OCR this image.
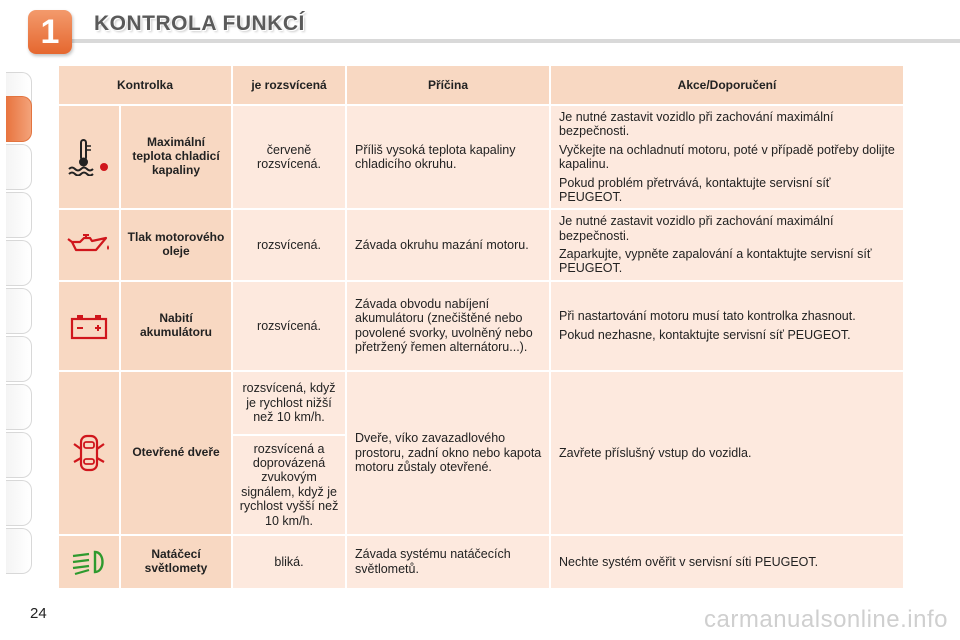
1	KONTROLA FUNKCÍ
Kontrolka		je rozsvícená	Příčina	Akce/Doporučení

	Maximální teplota chladicí kapaliny	červeně rozsvícená.	Příliš vysoká teplota kapaliny chladicího okruhu.	Je nutné zastavit vozidlo při zachování maximální bezpečnosti.

Vyčkejte na ochladnutí motoru, poté v případě potřeby dolijte kapalinu.

Pokud problém přetrvává, kontaktujte servisní síť PEUGEOT.

	Tlak motorového oleje	rozsvícená.	Závada okruhu mazání motoru.	Je nutné zastavit vozidlo při zachování maximální bezpečnosti.

Zaparkujte, vypněte zapalování a kontaktujte servisní síť PEUGEOT.

	Nabití akumulátoru	rozsvícená.	Závada obvodu nabíjení akumulátoru (znečištěné nebo povolené svorky, uvolněný nebo přetržený řemen alternátoru...).	Při nastartování motoru musí tato kontrolka zhasnout.

Pokud nezhasne, kontaktujte servisní síť PEUGEOT.

	Otevřené dveře	rozsvícená, když je rychlost nižší než 10 km/h.	Dveře, víko zavazadlového prostoru, zadní okno nebo kapota motoru zůstaly otevřené.	Zavřete příslušný vstup do vozidla.

		rozsvícená a doprovázená zvukovým signálem, když je rychlost vyšší než 10 km/h.		

	Natáčecí světlomety	bliká.	Závada systému natáčecích světlometů.	Nechte systém ověřit v servisní síti PEUGEOT.

24	carmanualsonline.info
